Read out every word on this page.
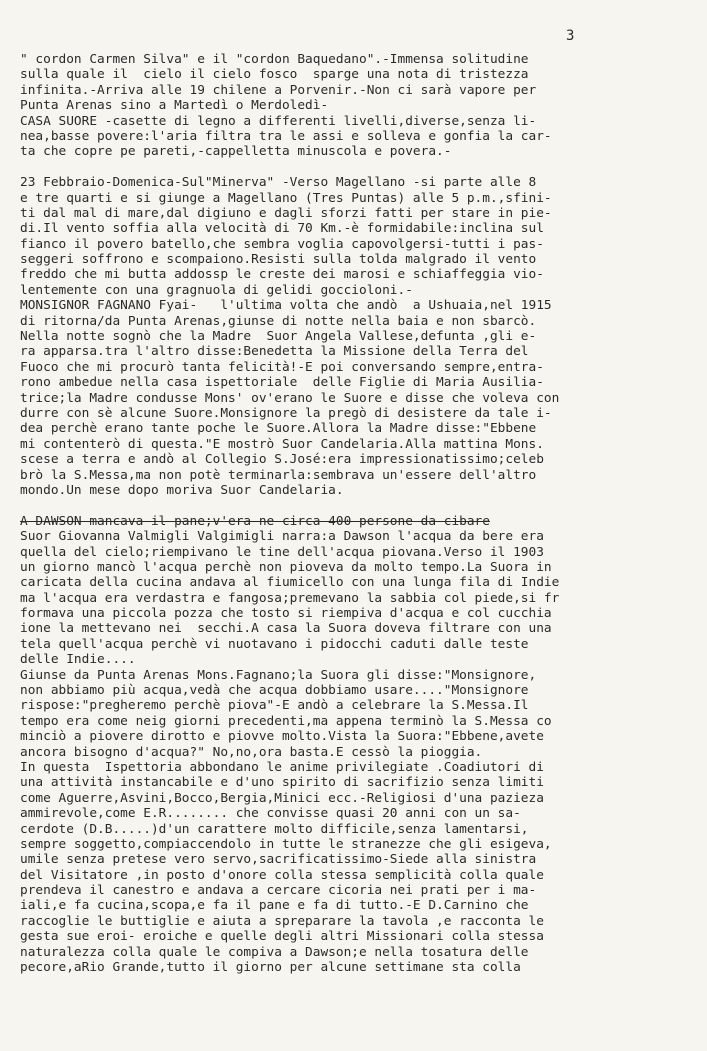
3
" cordon Carmen Silva" e il "cordon Baquedano".-Immensa solitudine
sulla quale il  cielo il cielo fosco  sparge una nota di tristezza
infinita.-Arriva alle 19 chilene a Porvenir.-Non ci sarà vapore per
Punta Arenas sino a Martedì o Merdoledì-
CASA SUORE -casette di legno a differenti livelli,diverse,senza li-
nea,basse povere:l'aria filtra tra le assi e solleva e gonfia la car-
ta che copre pe pareti,-cappelletta minuscola e povera.-
23 Febbraio-Domenica-Sul"Minerva" -Verso Magellano -si parte alle 8
e tre quarti e si giunge a Magellano (Tres Puntas) alle 5 p.m.,sfini-
ti dal mal di mare,dal digiuno e dagli sforzi fatti per stare in pie-
di.Il vento soffia alla velocità di 70 Km.-è formidabile:inclina sul
fianco il povero batello,che sembra voglia capovolgersi-tutti i pas-
seggeri soffrono e scompaiono.Resisti sulla tolda malgrado il vento
freddo che mi butta addossp le creste dei marosi e schiaffeggia vio-
lentemente con una gragnuola di gelidi goccioloni.-
MONSIGNOR FAGNANO Fyai-   l'ultima volta che andò  a Ushuaia,nel 1915
di ritorna/da Punta Arenas,giunse di notte nella baia e non sbarcò.
Nella notte sognò che la Madre  Suor Angela Vallese,defunta ,gli e-
ra apparsa.tra l'altro disse:Benedetta la Missione della Terra del
Fuoco che mi procurò tanta felicità!-E poi conversando sempre,entra-
rono ambedue nella casa ispettoriale  delle Figlie di Maria Ausilia-
trice;la Madre condusse Mons' ov'erano le Suore e disse che voleva con
durre con sè alcune Suore.Monsignore la pregò di desistere da tale i-
dea perchè erano tante poche le Suore.Allora la Madre disse:"Ebbene
mi contenterò di questa."E mostrò Suor Candelaria.Alla mattina Mons.
scese a terra e andò al Collegio S.José:era impressionatissimo;celeb
brò la S.Messa,ma non potè terminarla:sembrava un'essere dell'altro
mondo.Un mese dopo moriva Suor Candelaria.
A DAWSON-mancava-il-pane;v'era-ne-circa-400-persone-da-cibare
Suor Giovanna Valmigli Valgimigli narra:a Dawson l'acqua da bere era
quella del cielo;riempivano le tine dell'acqua piovana.Verso il 1903
un giorno mancò l'acqua perchè non pioveva da molto tempo.La Suora in
caricata della cucina andava al fiumicello con una lunga fila di Indie
ma l'acqua era verdastra e fangosa;premevano la sabbia col piede,si fr
formava una piccola pozza che tosto si riempiva d'acqua e col cucchia
ione la mettevano nei  secchi.A casa la Suora doveva filtrare con una
tela quell'acqua perchè vi nuotavano i pidocchi caduti dalle teste
delle Indie....
Giunse da Punta Arenas Mons.Fagnano;la Suora gli disse:"Monsignore,
non abbiamo più acqua,vedà che acqua dobbiamo usare...."Monsignore
rispose:"pregheremo perchè piova"-E andò a celebrare la S.Messa.Il
tempo era come neig giorni precedenti,ma appena terminò la S.Messa co
minciò a piovere dirotto e piovve molto.Vista la Suora:"Ebbene,avete
ancora bisogno d'acqua?" No,no,ora basta.E cessò la pioggia.
In questa  Ispettoria abbondano le anime privilegiate .Coadiutori di
una attività instancabile e d'uno spirito di sacrifizio senza limiti
come Aguerre,Asvini,Bocco,Bergia,Minici ecc.-Religiosi d'una pazieza
ammirevole,come E.R........ che convisse quasi 20 anni con un sa-
cerdote (D.B.....)d'un carattere molto difficile,senza lamentarsi,
sempre soggetto,compiaccendolo in tutte le stranezze che gli esigeva,
umile senza pretese vero servo,sacrificatissimo-Siede alla sinistra
del Visitatore ,in posto d'onore colla stessa semplicità colla quale
prendeva il canestro e andava a cercare cicoria nei prati per i ma-
iali,e fa cucina,scopa,e fa il pane e fa di tutto.-E D.Carnino che
raccoglie le buttiglie e aiuta a spreparare la tavola ,e racconta le
gesta sue eroi- eroiche e quelle degli altri Missionari colla stessa
naturalezza colla quale le compiva a Dawson;e nella tosatura delle
pecore,aRio Grande,tutto il giorno per alcune settimane sta colla
